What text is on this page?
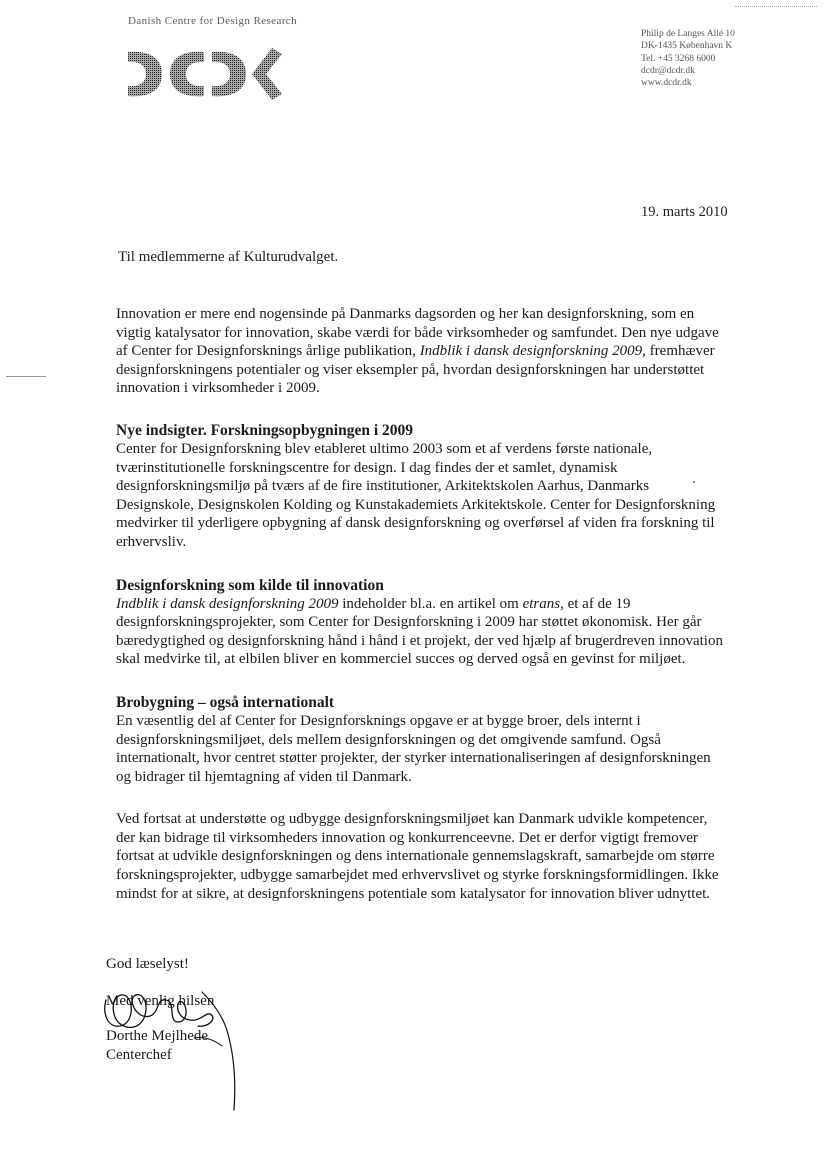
Danish Centre for Design Research
Philip de Langes Allé 10
DK-1435 København K
Tel. +45 3268 6000
dcdr@dcdr.dk
www.dcdr.dk
19. marts 2010
Til medlemmerne af Kulturudvalget.

Innovation er mere end nogensinde på Danmarks dagsorden og her kan designforskning, som en vigtig katalysator for innovation, skabe værdi for både virksomheder og samfundet. Den nye udgave af Center for Designforsknings årlige publikation, Indblik i dansk designforskning 2009, fremhæver designforskningens potentialer og viser eksempler på, hvordan designforskningen har understøttet innovation i virksomheder i 2009.

Nye indsigter. Forskningsopbygningen i 2009

Center for Designforskning blev etableret ultimo 2003 som et af verdens første nationale, tværinstitutionelle forskningscentre for design. I dag findes der et samlet, dynamisk designforskningsmiljø på tværs af de fire institutioner, Arkitektskolen Aarhus, Danmarks Designskole, Designskolen Kolding og Kunstakademiets Arkitektskole. Center for Designforskning medvirker til yderligere opbygning af dansk designforskning og overførsel af viden fra forskning til erhvervsliv.

Designforskning som kilde til innovation

Indblik i dansk designforskning 2009 indeholder bl.a. en artikel om etrans, et af de 19 designforskningsprojekter, som Center for Designforskning i 2009 har støttet økonomisk. Her går bæredygtighed og designforskning hånd i hånd i et projekt, der ved hjælp af brugerdreven innovation skal medvirke til, at elbilen bliver en kommerciel succes og derved også en gevinst for miljøet.

Brobygning – også internationalt

En væsentlig del af Center for Designforsknings opgave er at bygge broer, dels internt i designforskningsmiljøet, dels mellem designforskningen og det omgivende samfund. Også internationalt, hvor centret støtter projekter, der styrker internationaliseringen af designforskningen og bidrager til hjemtagning af viden til Danmark.

Ved fortsat at understøtte og udbygge designforskningsmiljøet kan Danmark udvikle kompetencer, der kan bidrage til virksomheders innovation og konkurrenceevne. Det er derfor vigtigt fremover fortsat at udvikle designforskningen og dens internationale gennemslagskraft, samarbejde om større forskningsprojekter, udbygge samarbejdet med erhvervslivet og styrke forskningsformidlingen. Ikke mindst for at sikre, at designforskningens potentiale som katalysator for innovation bliver udnyttet.

God læselyst!
Med venlig hilsen
Dorthe Mejlhede
Centerchef
